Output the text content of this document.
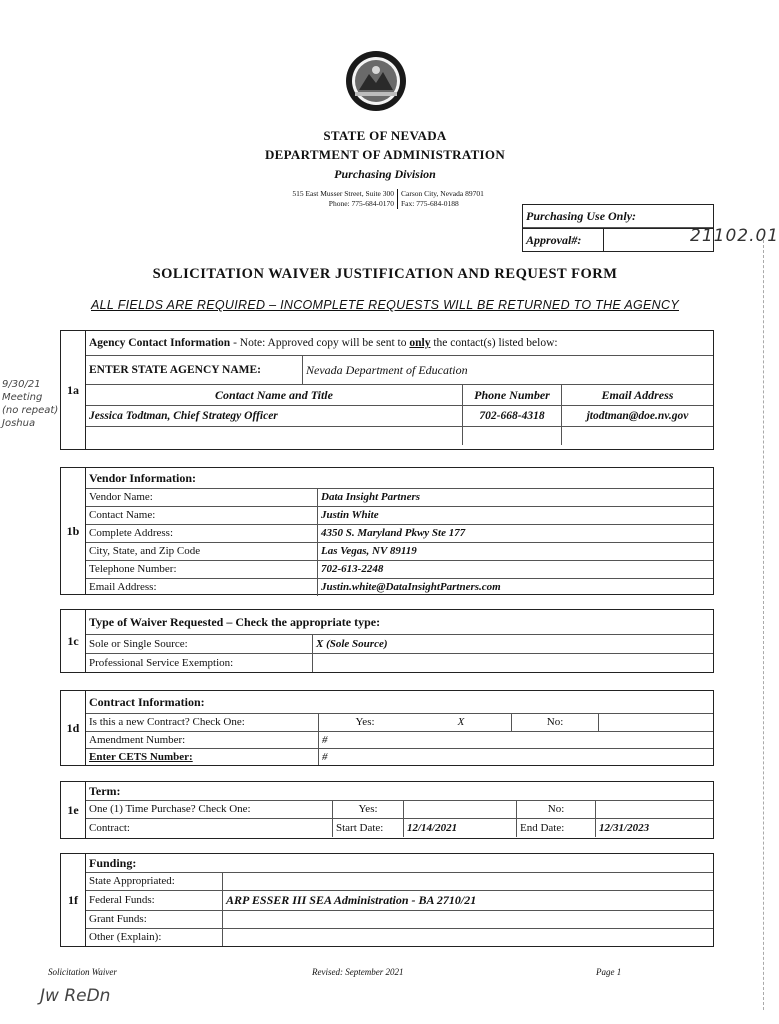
STATE OF NEVADA
DEPARTMENT OF ADMINISTRATION
Purchasing Division
515 East Musser Street, Suite 300 Carson City, Nevada 89701
Phone: 775-684-0170 Fax: 775-684-0188
Purchasing Use Only:
Approval#:	21102.01
SOLICITATION WAIVER JUSTIFICATION AND REQUEST FORM
ALL FIELDS ARE REQUIRED – INCOMPLETE REQUESTS WILL BE RETURNED TO THE AGENCY
9/30/21 Meeting (no repeat) Joshua
1a
Agency Contact Information - Note: Approved copy will be sent to only the contact(s) listed below:
ENTER STATE AGENCY NAME:	Nevada Department of Education
Contact Name and Title	Phone Number	Email Address
Jessica Todtman, Chief Strategy Officer	702-668-4318	jtodtman@doe.nv.gov
1b
Vendor Information:
Vendor Name:	Data Insight Partners
Contact Name:	Justin White
Complete Address:	4350 S. Maryland Pkwy Ste 177
City, State, and Zip Code	Las Vegas, NV 89119
Telephone Number:	702-613-2248
Email Address:	Justin.white@DataInsightPartners.com
1c
Type of Waiver Requested – Check the appropriate type:
Sole or Single Source:	X (Sole Source)
Professional Service Exemption:
1d
Contract Information:
Is this a new Contract? Check One:	Yes:	X	No:
Amendment Number:	#
Enter CETS Number:	#
1e
Term:
One (1) Time Purchase? Check One:	Yes:	No:
Contract:	Start Date:	12/14/2021	End Date:	12/31/2023
1f
Funding:
State Appropriated:
Federal Funds:	ARP ESSER III SEA Administration - BA 2710/21
Grant Funds:
Other (Explain):
Solicitation Waiver	Revised: September 2021	Page 1
Jw ReDn
